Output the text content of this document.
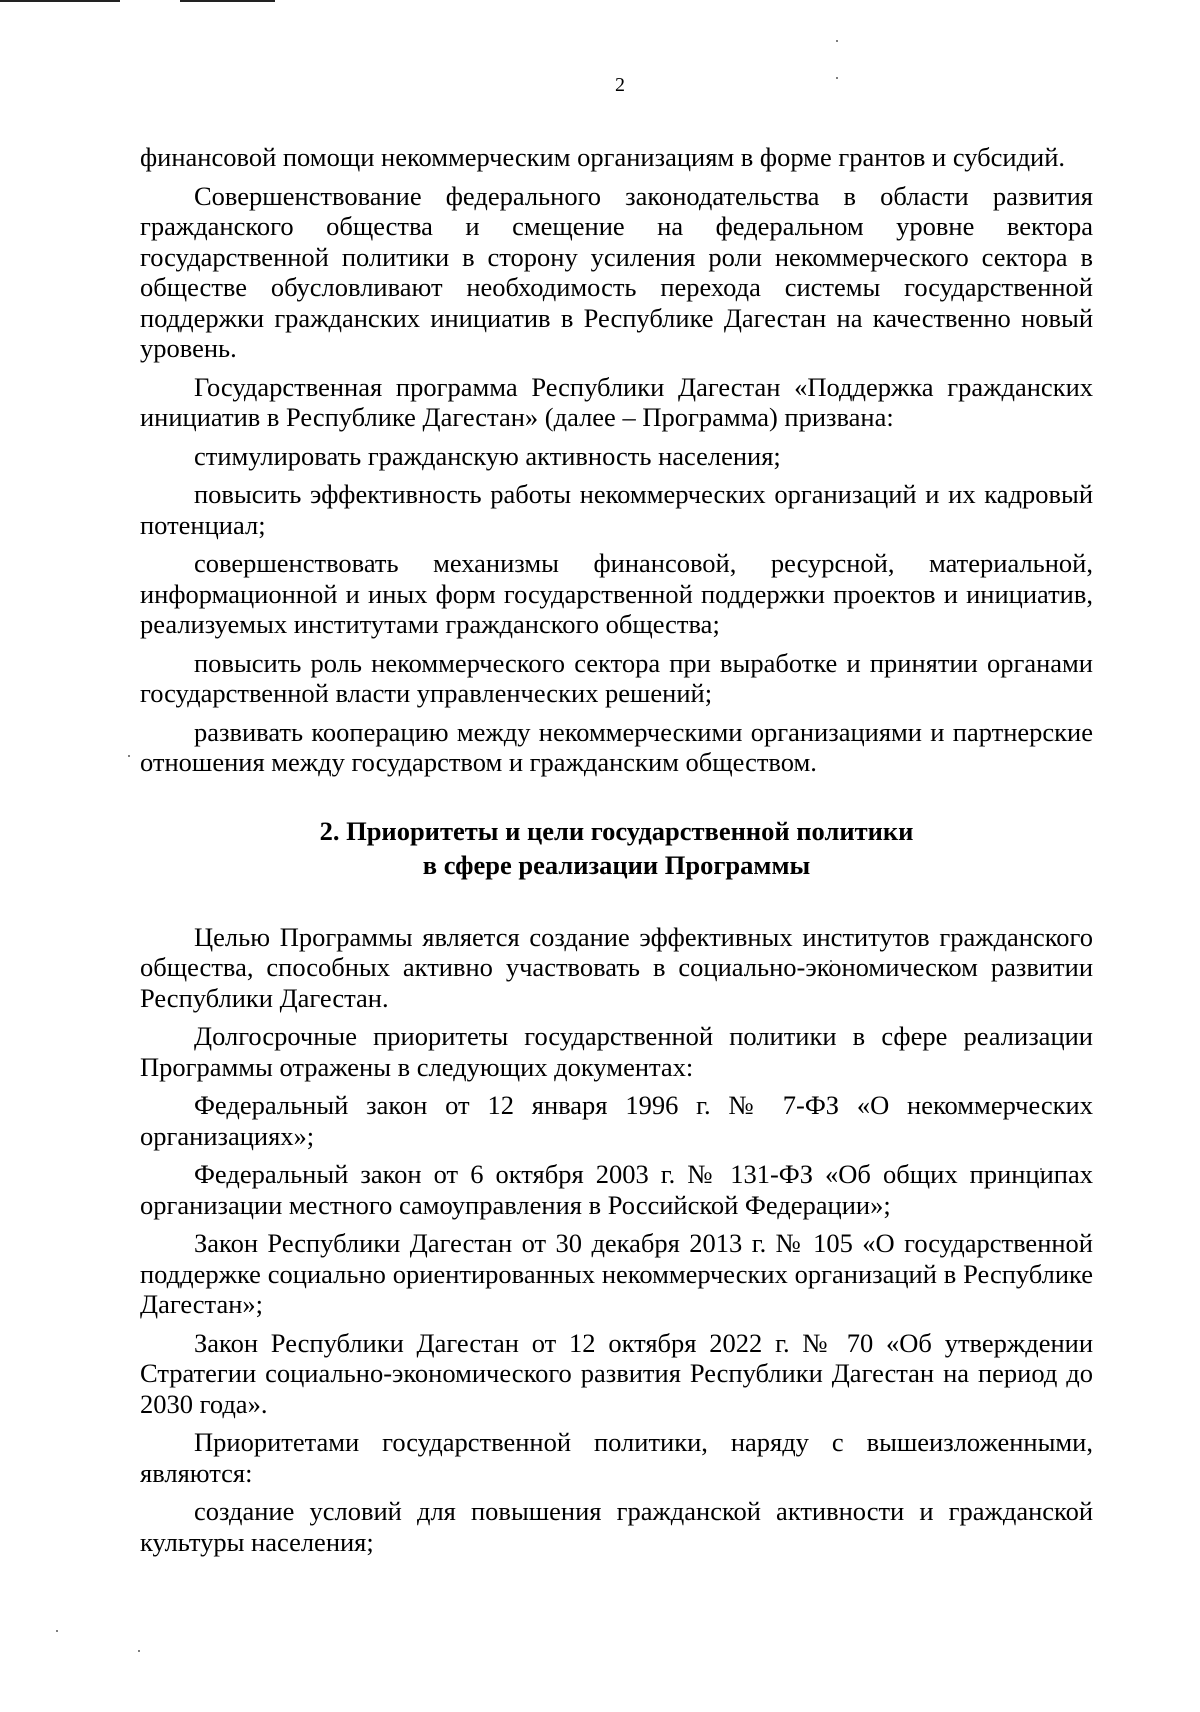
2

финансовой помощи некоммерческим организациям в форме грантов и субсидий.

Совершенствование федерального законодательства в области развития гражданского общества и смещение на федеральном уровне вектора государственной политики в сторону усиления роли некоммерческого сектора в обществе обусловливают необходимость перехода системы государственной поддержки гражданских инициатив в Республике Дагестан на качественно новый уровень.

Государственная программа Республики Дагестан «Поддержка гражданских инициатив в Республике Дагестан» (далее – Программа) призвана:

стимулировать гражданскую активность населения;

повысить эффективность работы некоммерческих организаций и их кадровый потенциал;

совершенствовать механизмы финансовой, ресурсной, материальной, информационной и иных форм государственной поддержки проектов и инициатив, реализуемых институтами гражданского общества;

повысить роль некоммерческого сектора при выработке и принятии органами государственной власти управленческих решений;

развивать кооперацию между некоммерческими организациями и партнерские отношения между государством и гражданским обществом.

2. Приоритеты и цели государственной политики
в сфере реализации Программы

Целью Программы является создание эффективных институтов гражданского общества, способных активно участвовать в социально-экономическом развитии Республики Дагестан.

Долгосрочные приоритеты государственной политики в сфере реализации Программы отражены в следующих документах:

Федеральный закон от 12 января 1996 г. № 7-ФЗ «О некоммерческих организациях»;

Федеральный закон от 6 октября 2003 г. № 131-ФЗ «Об общих принципах организации местного самоуправления в Российской Федерации»;

Закон Республики Дагестан от 30 декабря 2013 г. № 105 «О государственной поддержке социально ориентированных некоммерческих организаций в Республике Дагестан»;

Закон Республики Дагестан от 12 октября 2022 г. № 70 «Об утверждении Стратегии социально-экономического развития Республики Дагестан на период до 2030 года».

Приоритетами государственной политики, наряду с вышеизложенными, являются:

создание условий для повышения гражданской активности и гражданской культуры населения;
